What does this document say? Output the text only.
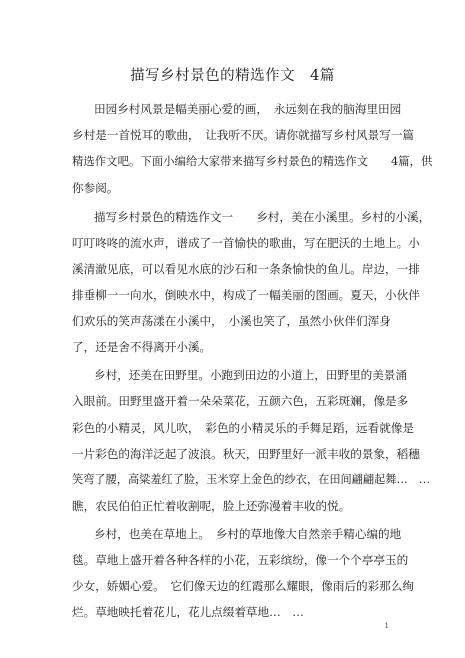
描写乡村景色的精选作文　4篇
田园乡村风景是幅美丽心爱的画，　永远刻在我的脑海里田园
乡村是一首悦耳的歌曲，　让我听不厌。请你就描写乡村风景写一篇
精选作文吧。下面小编给大家带来描写乡村景色的精选作文　　4篇，供
你参阅。
描写乡村景色的精选作文一　　乡村，美在小溪里。乡村的小溪，
叮叮咚咚的流水声，谱成了一首愉快的歌曲，写在肥沃的土地上。小
溪清澈见底，可以看见水底的沙石和一条条愉快的鱼儿。岸边，一排
排垂柳一一向水，倒映水中，构成了一幅美丽的图画。夏天，小伙伴
们欢乐的笑声荡漾在小溪中，　小溪也笑了，虽然小伙伴们浑身
了，还是舍不得离开小溪。
乡村，还美在田野里。小跑到田边的小道上，田野里的美景涌
入眼前。田野里盛开着一朵朵菜花，五颜六色，五彩斑斓，像是多
彩色的小精灵，风儿吹，　彩色的小精灵乐的手舞足蹈，远看就像是
一片彩色的海洋泛起了波浪。秋天，田野里好一派丰收的景象，稻穗
笑弯了腰，高粱羞红了脸，玉米穿上金色的纱衣，在田间翩翩起舞…　…
瞧，农民伯伯正忙着收割呢，脸上还弥漫着丰收的悦。
乡村，也美在草地上。　乡村的草地像大自然亲手精心编的地
毯。草地上盛开着各种各样的小花，五彩缤纷，像一个个亭亭玉的
少女，娇媚心爱。　它们像天边的红霞那么耀眼，像雨后的彩那么绚
烂。草地映托着花儿，花儿点缀着草地…　…
1
